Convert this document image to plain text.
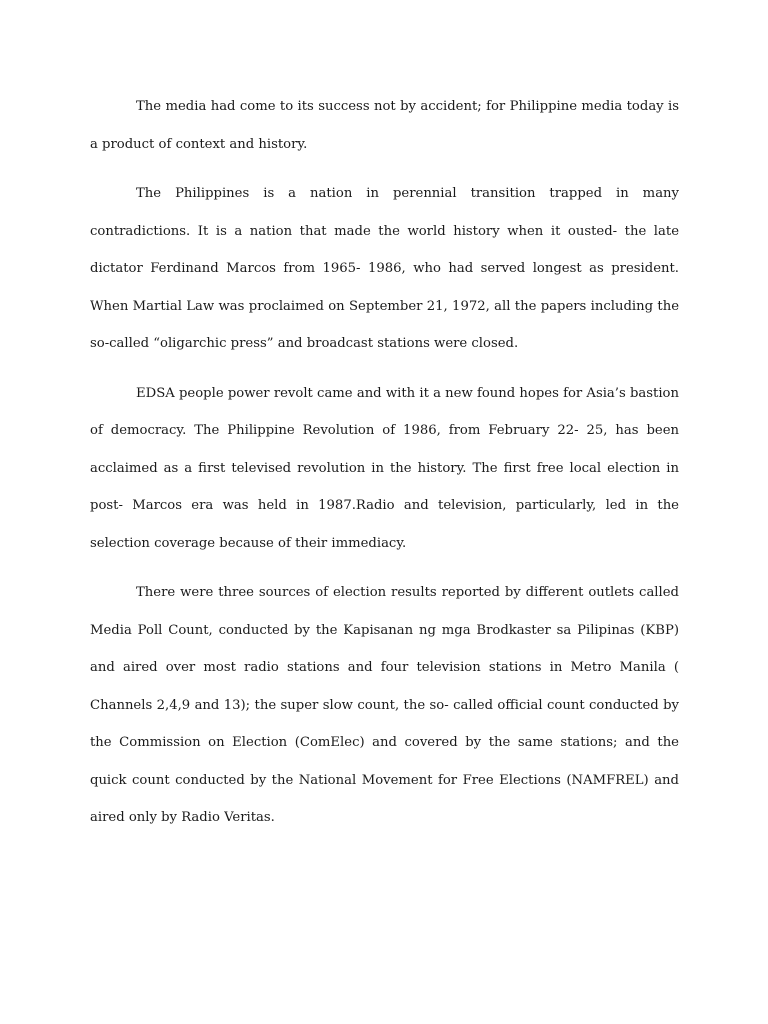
The media had come to its success not by accident; for Philippine media today is a product of context and history.

The Philippines is a nation in perennial transition trapped in many contradictions. It is a nation that made the world history when it ousted- the late dictator Ferdinand Marcos from 1965- 1986, who had served longest as president. When Martial Law was proclaimed on September 21, 1972, all the papers including the so-called “oligarchic press” and broadcast stations were closed.

EDSA people power revolt came and with it a new found hopes for Asia’s bastion of democracy. The Philippine Revolution of 1986, from February 22- 25, has been acclaimed as a first televised revolution in the history. The first free local election in post- Marcos era was held in 1987.Radio and television, particularly, led in the selection coverage because of their immediacy.

There were three sources of election results reported by different outlets called Media Poll Count, conducted by the Kapisanan ng mga Brodkaster sa Pilipinas (KBP) and aired over most radio stations and four television stations in Metro Manila ( Channels 2,4,9 and 13); the super slow count, the so- called official count conducted by the Commission on Election (ComElec) and covered by the same stations; and the quick count conducted by the National Movement for Free Elections (NAMFREL) and aired only by Radio Veritas.
